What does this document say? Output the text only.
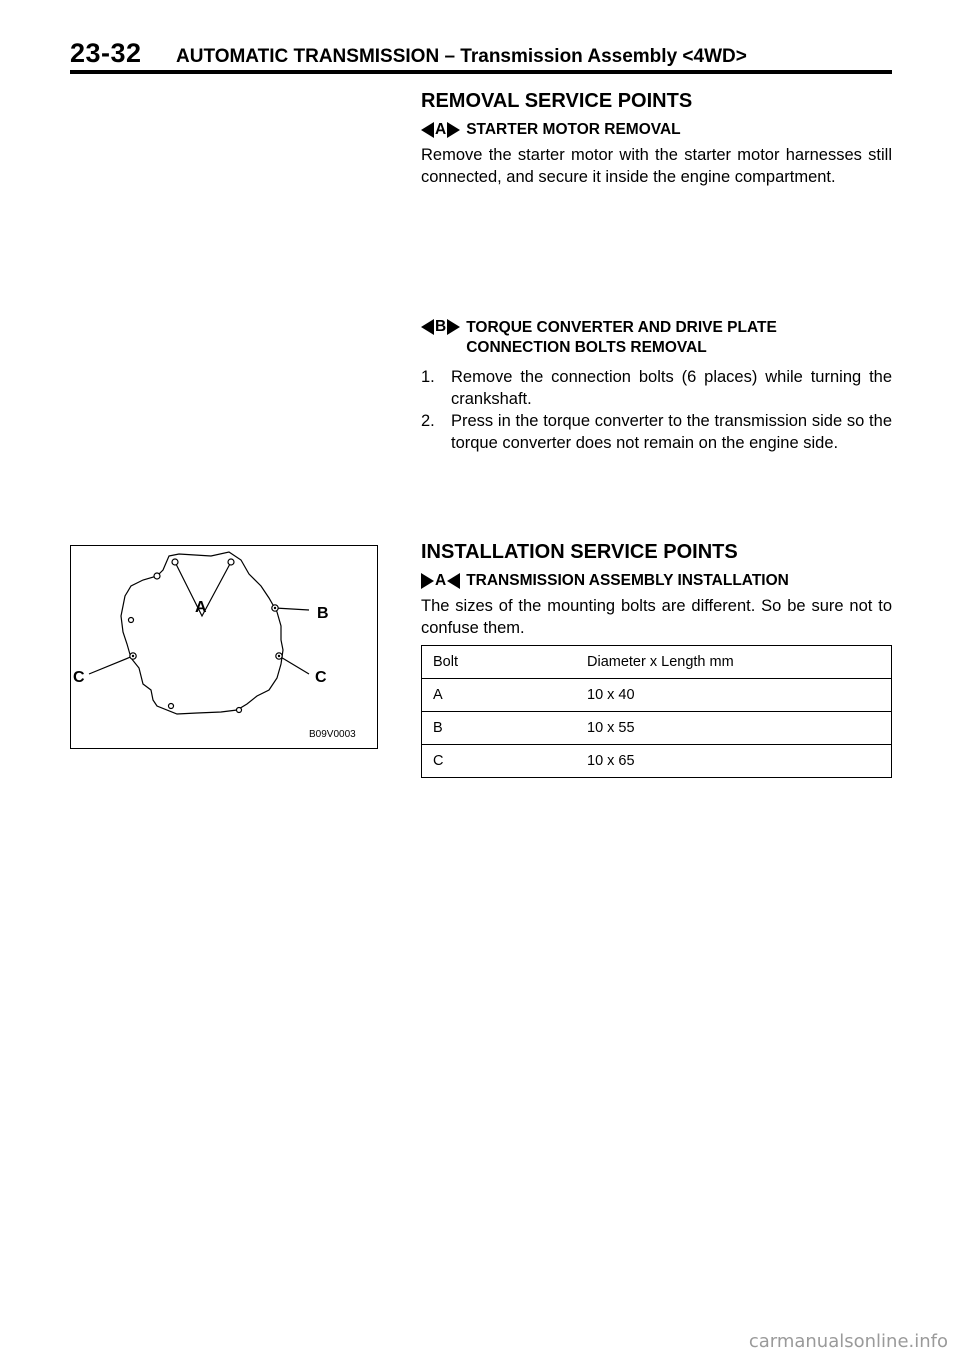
23-32 AUTOMATIC TRANSMISSION – Transmission Assembly <4WD>
REMOVAL SERVICE POINTS
A STARTER MOTOR REMOVAL

Remove the starter motor with the starter motor harnesses still connected, and secure it inside the engine compartment.

B TORQUE CONVERTER AND DRIVE PLATE
CONNECTION BOLTS REMOVAL
1. Remove the connection bolts (6 places) while turning the crankshaft.
2. Press in the torque converter to the transmission side so the torque converter does not remain on the engine side.
INSTALLATION SERVICE POINTS
A TRANSMISSION ASSEMBLY INSTALLATION

The sizes of the mounting bolts are different. So be sure not to confuse them.

Bolt	Diameter x Length mm
A	10 x 40
B	10 x 55
C	10 x 65
A	B
C	C
B09V0003
carmanualsonline.info
